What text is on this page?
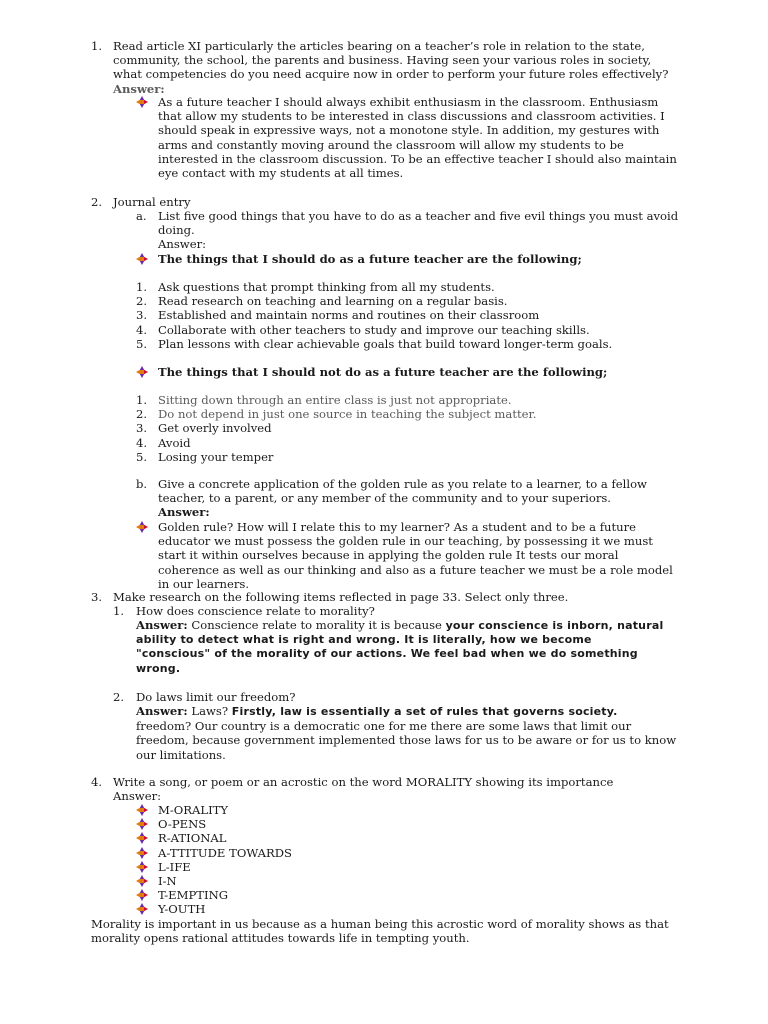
1. Read article XI particularly the articles bearing on a teacher’s role in relation to the state,
community, the school, the parents and business. Having seen your various roles in society,
what competencies do you need acquire now in order to perform your future roles effectively?
Answer:
As a future teacher I should always exhibit enthusiasm in the classroom. Enthusiasm
that allow my students to be interested in class discussions and classroom activities. I
should speak in expressive ways, not a monotone style. In addition, my gestures with
arms and constantly moving around the classroom will allow my students to be
interested in the classroom discussion. To be an effective teacher I should also maintain
eye contact with my students at all times.
2. Journal entry
a. List five good things that you have to do as a teacher and five evil things you must avoid
doing.
Answer:
The things that I should do as a future teacher are the following;
1. Ask questions that prompt thinking from all my students.
2. Read research on teaching and learning on a regular basis.
3. Established and maintain norms and routines on their classroom
4. Collaborate with other teachers to study and improve our teaching skills.
5. Plan lessons with clear achievable goals that build toward longer-term goals.
The things that I should not do as a future teacher are the following;
1. Sitting down through an entire class is just not appropriate.
2. Do not depend in just one source in teaching the subject matter.
3. Get overly involved
4. Avoid
5. Losing your temper
b. Give a concrete application of the golden rule as you relate to a learner, to a fellow
teacher, to a parent, or any member of the community and to your superiors.
Answer:
Golden rule? How will I relate this to my learner? As a student and to be a future
educator we must possess the golden rule in our teaching, by possessing it we must
start it within ourselves because in applying the golden rule It tests our moral
coherence as well as our thinking and also as a future teacher we must be a role model
in our learners.
3. Make research on the following items reflected in page 33. Select only three.
1. How does conscience relate to morality?
Answer: Conscience relate to morality it is because your conscience is inborn, natural
ability to detect what is right and wrong. It is literally, how we become
"conscious" of the morality of our actions. We feel bad when we do something
wrong.
2. Do laws limit our freedom?
Answer: Laws? Firstly, law is essentially a set of rules that governs society.
freedom? Our country is a democratic one for me there are some laws that limit our
freedom, because government implemented those laws for us to be aware or for us to know
our limitations.
4. Write a song, or poem or an acrostic on the word MORALITY showing its importance
Answer:
M-ORALITY
O-PENS
R-ATIONAL
A-TTITUDE TOWARDS
L-IFE
I-N
T-EMPTING
Y-OUTH
Morality is important in us because as a human being this acrostic word of morality shows as that
morality opens rational attitudes towards life in tempting youth.
